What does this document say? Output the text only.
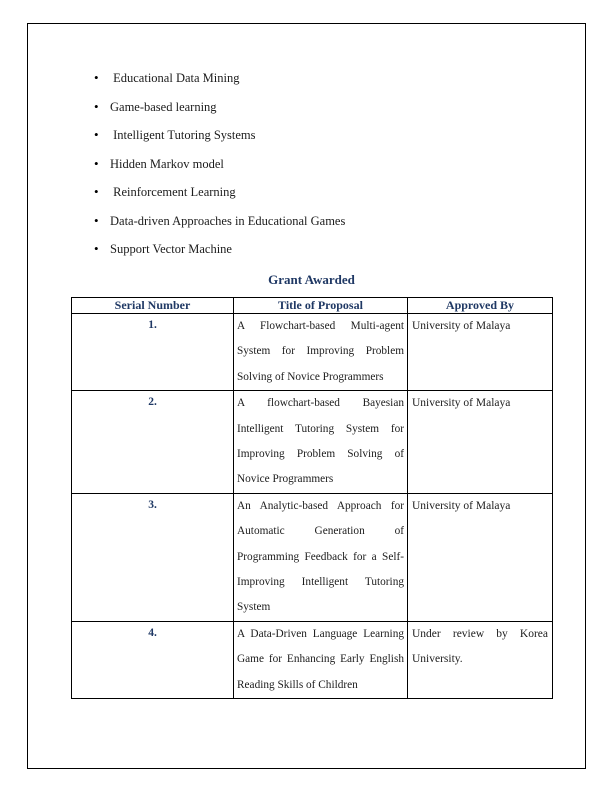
•  Educational Data Mining
• Game-based learning
•  Intelligent Tutoring Systems
• Hidden Markov model
•  Reinforcement Learning
• Data-driven Approaches in Educational Games
• Support Vector Machine
Grant Awarded
Serial Number	Title of Proposal	Approved By
1.	A Flowchart-based Multi-agent System for Improving Problem Solving of Novice Programmers	University of Malaya
2.	A flowchart-based Bayesian Intelligent Tutoring System for Improving Problem Solving of Novice Programmers	University of Malaya
3.	An Analytic-based Approach for Automatic Generation of Programming Feedback for a Self-Improving Intelligent Tutoring System	University of Malaya
4.	A Data-Driven Language Learning Game for Enhancing Early English Reading Skills of Children	Under review by Korea University.
